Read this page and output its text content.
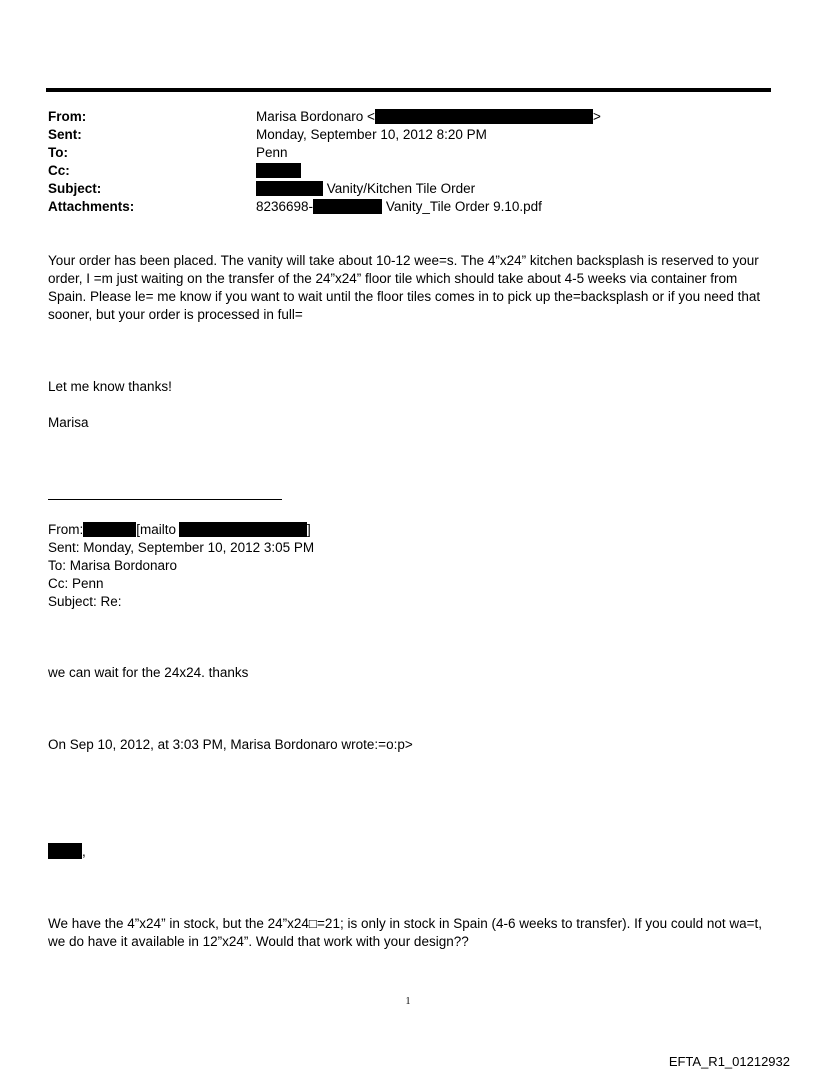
From:	Marisa Bordonaro <	>
Sent:	Monday, September 10, 2012 8:20 PM
To:	Penn
Cc:
Subject:	Vanity/Kitchen Tile Order
Attachments:	8236698-	Vanity_Tile Order 9.10.pdf

Your order has been placed. The vanity will take about 10-12 wee=s. The 4”x24” kitchen backsplash is reserved to your order, I =m just waiting on the transfer of the 24”x24” floor tile which should take about 4-5 weeks via container from Spain. Please le= me know if you want to wait until the floor tiles comes in to pick up the=backsplash or if you need that sooner, but your order is processed in full=

Let me know thanks!

Marisa

From:	[mailto	]
Sent: Monday, September 10, 2012 3:05 PM
To: Marisa Bordonaro
Cc: Penn
Subject: Re:

we can wait for the 24x24. thanks

On Sep 10, 2012, at 3:03 PM, Marisa Bordonaro wrote:=o:p>

,

We have the 4”x24” in stock, but the 24”x24□=21; is only in stock in Spain (4-6 weeks to transfer). If you could not wa=t, we do have it available in 12”x24”. Would that work with your design??

1
EFTA_R1_01212932
